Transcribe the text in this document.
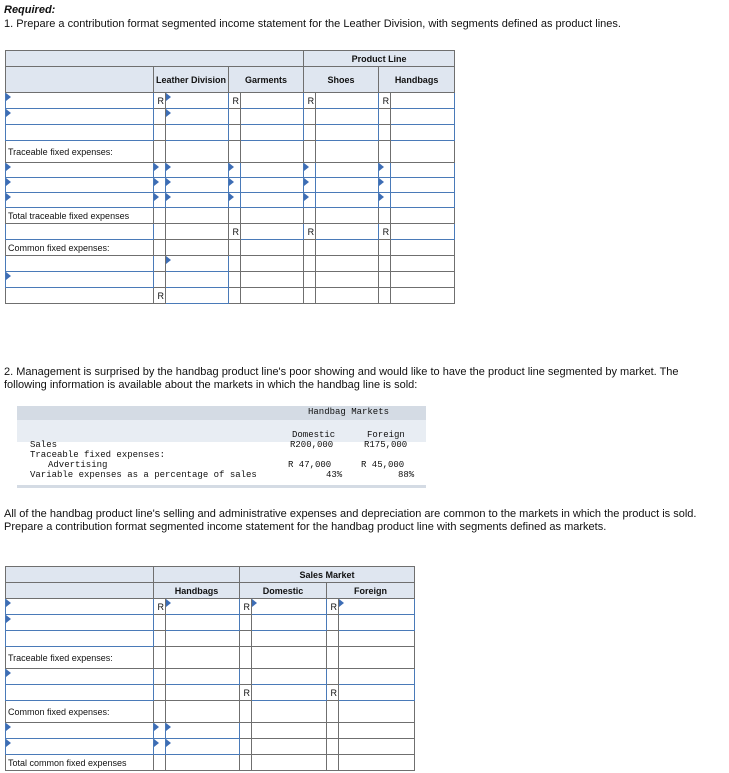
Required:
1. Prepare a contribution format segmented income statement for the Leather Division, with segments defined as product lines.
					Product Line			
	Leather Division		Garments		Shoes		Handbags	

	R		R		R		R	

Traceable fixed expenses:								

Total traceable fixed expenses								
			R		R		R	
Common fixed expenses:								

	R							
2. Management is surprised by the handbag product line's poor showing and would like to have the product line segmented by market. The following information is available about the markets in which the handbag line is sold:
Handbag Markets
Domestic	Foreign
Sales	R200,000	R175,000
Traceable fixed expenses:
Advertising	R 47,000	R 45,000
Variable expenses as a percentage of sales	43%	88%
All of the handbag product line's selling and administrative expenses and depreciation are common to the markets in which the product is sold. Prepare a contribution format segmented income statement for the handbag product line with segments defined as markets.
			Sales Market			
	Handbags		Domestic		Foreign	

	R		R		R	

Traceable fixed expenses:						

			R		R	
Common fixed expenses:						

Total common fixed expenses						
